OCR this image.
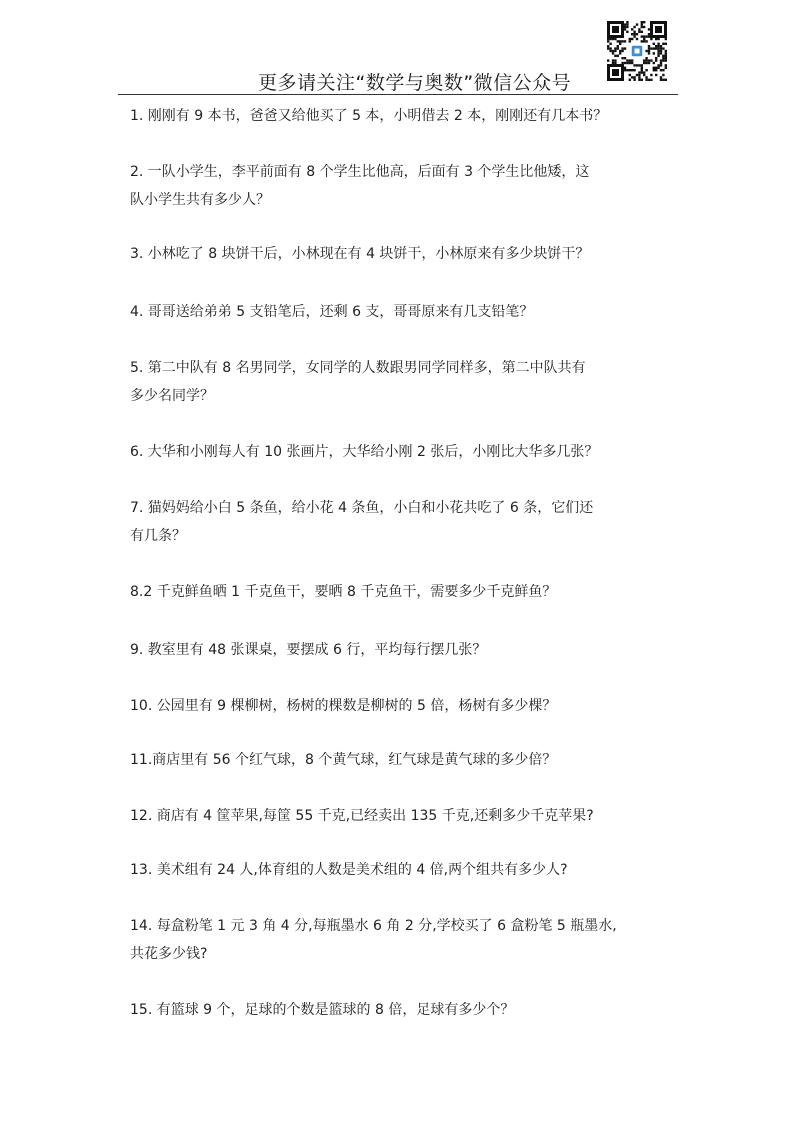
更多请关注“数学与奥数”微信公众号
1. 刚刚有 9 本书，爸爸又给他买了 5 本，小明借去 2 本，刚刚还有几本书？
2. 一队小学生，李平前面有 8 个学生比他高，后面有 3 个学生比他矮，这
队小学生共有多少人？
3. 小林吃了 8 块饼干后，小林现在有 4 块饼干，小林原来有多少块饼干？
4. 哥哥送给弟弟 5 支铅笔后，还剩 6 支，哥哥原来有几支铅笔？
5. 第二中队有 8 名男同学，女同学的人数跟男同学同样多，第二中队共有
多少名同学？
6. 大华和小刚每人有 10 张画片，大华给小刚 2 张后，小刚比大华多几张？
7. 猫妈妈给小白 5 条鱼，给小花 4 条鱼，小白和小花共吃了 6 条，它们还
有几条？
8.2 千克鲜鱼晒 1 千克鱼干，要晒 8 千克鱼干，需要多少千克鲜鱼？
9. 教室里有 48 张课桌，要摆成 6 行，平均每行摆几张？
10. 公园里有 9 棵柳树，杨树的棵数是柳树的 5 倍，杨树有多少棵？
11.商店里有 56 个红气球，8 个黄气球，红气球是黄气球的多少倍？
12. 商店有 4 筐苹果,每筐 55 千克,已经卖出 135 千克,还剩多少千克苹果?
13. 美术组有 24 人,体育组的人数是美术组的 4 倍,两个组共有多少人?
14. 每盒粉笔 1 元 3 角 4 分,每瓶墨水 6 角 2 分,学校买了 6 盒粉笔 5 瓶墨水,
共花多少钱?
15. 有篮球 9 个，足球的个数是篮球的 8 倍，足球有多少个？
